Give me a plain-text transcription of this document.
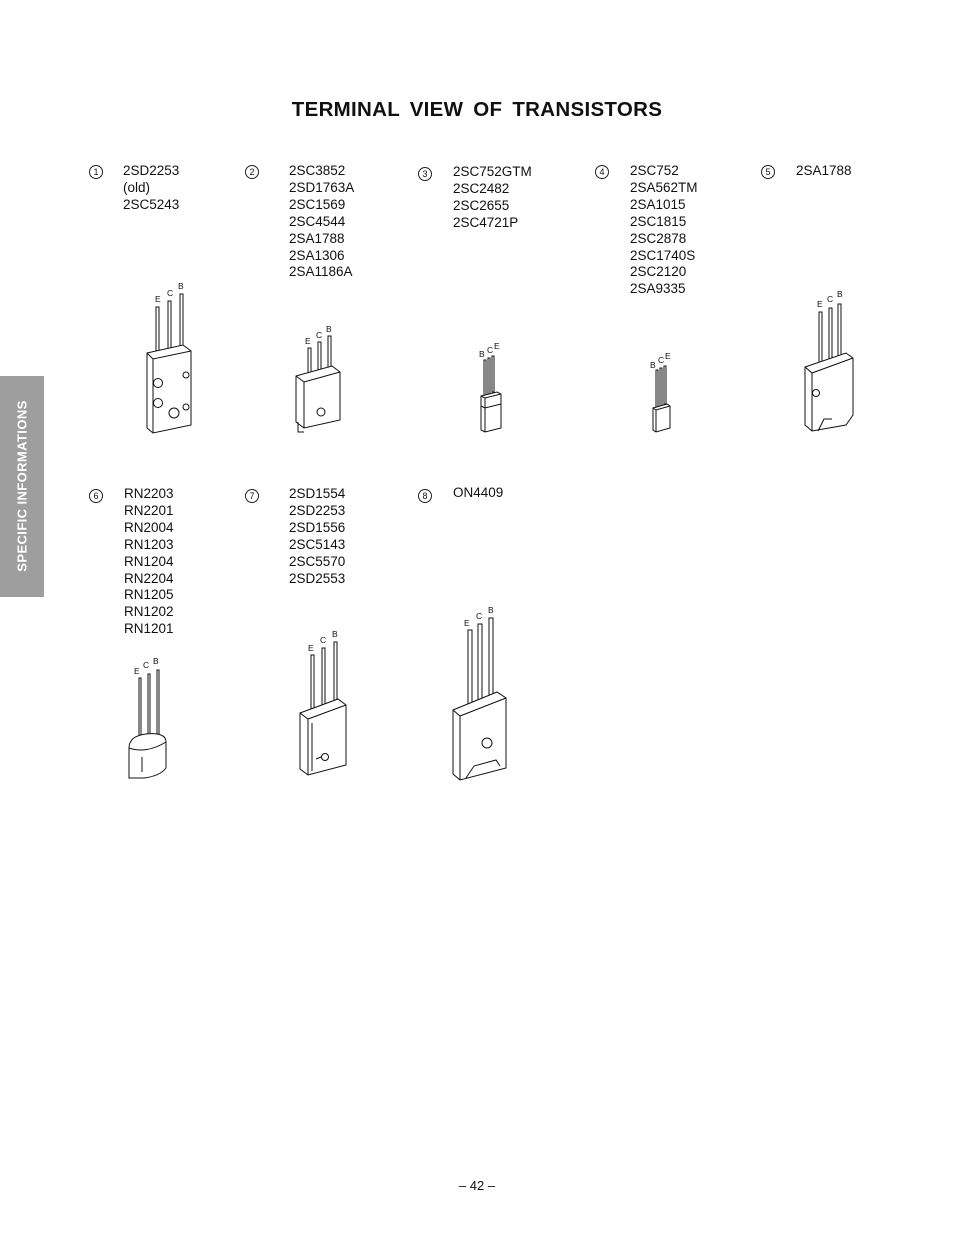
TERMINAL VIEW OF TRANSISTORS
SPECIFIC INFORMATIONS
1	2SD2253
(old)
2SC5243
E
C
B
2	2SC3852
2SD1763A
2SC1569
2SC4544
2SA1788
2SA1306
2SA1186A
E
C
B
3	2SC752GTM
2SC2482
2SC2655
2SC4721P
B C E
4	2SC752
2SA562TM
2SA1015
2SC1815
2SC2878
2SC1740S
2SC2120
2SA9335
B C E
5	2SA1788
E C B
6	RN2203
RN2201
RN2004
RN1203
RN1204
RN2204
RN1205
RN1202
RN1201
E
C B
7	2SD1554
2SD2253
2SD1556
2SC5143
2SC5570
2SD2553
E
C
B
8	ON4409
E
C
B
– 42 –
